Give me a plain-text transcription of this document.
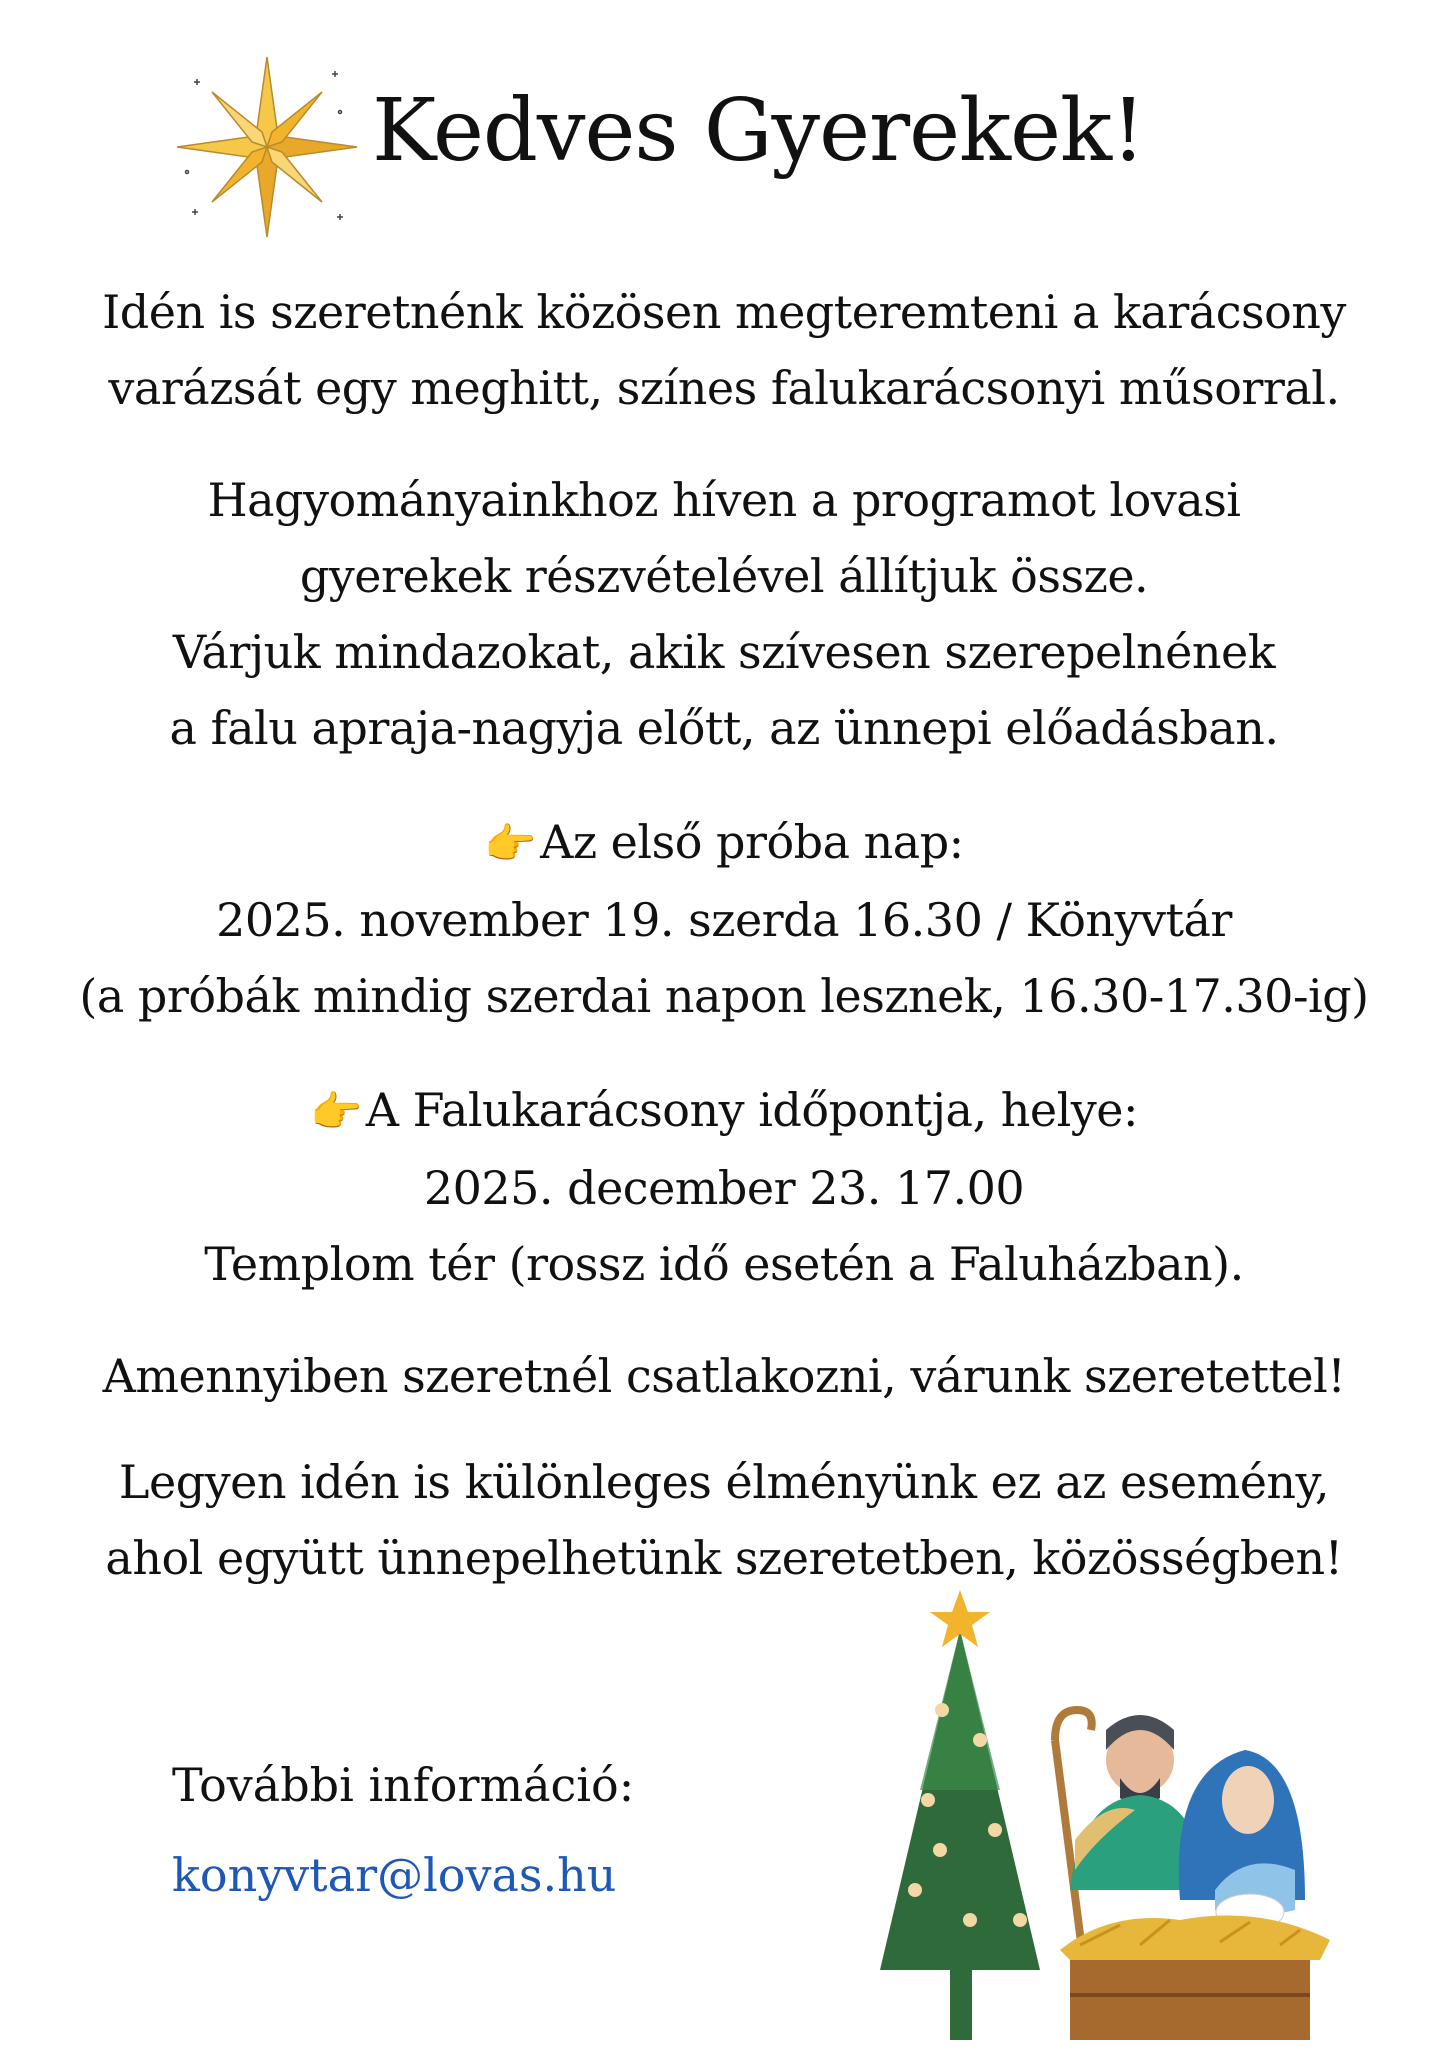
Kedves Gyerekek!
Idén is szeretnénk közösen megteremteni a karácsony
varázsát egy meghitt, színes falukarácsonyi műsorral.
Hagyományainkhoz híven a programot lovasi
gyerekek részvételével állítjuk össze.
Várjuk mindazokat, akik szívesen szerepelnének
a falu apraja-nagyja előtt, az ünnepi előadásban.
👉Az első próba nap:
2025. november 19. szerda 16.30 / Könyvtár
(a próbák mindig szerdai napon lesznek, 16.30-17.30-ig)
👉A Falukarácsony időpontja, helye:
2025. december 23. 17.00
Templom tér (rossz idő esetén a Faluházban).
Amennyiben szeretnél csatlakozni, várunk szeretettel!
Legyen idén is különleges élményünk ez az esemény,
ahol együtt ünnepelhetünk szeretetben, közösségben!
További információ:
konyvtar@lovas.hu
